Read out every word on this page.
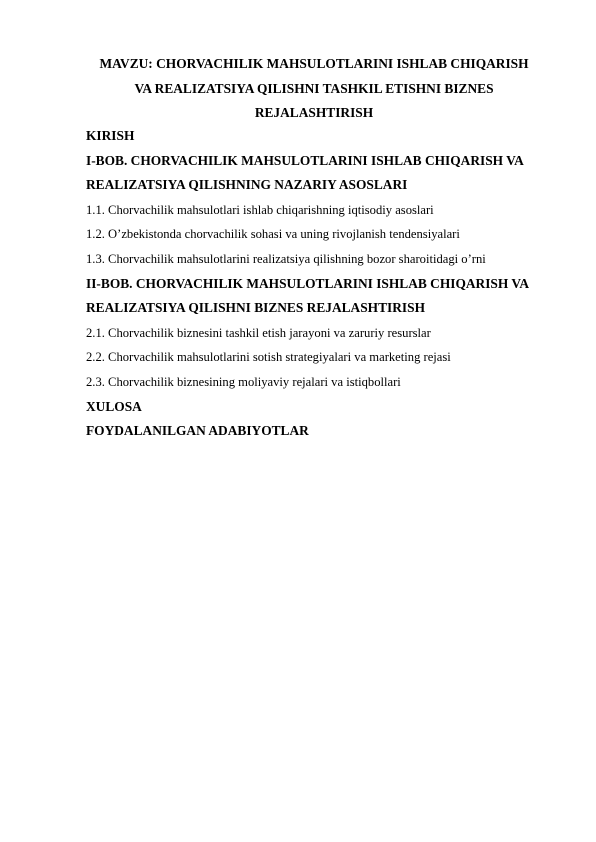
MAVZU: CHORVACHILIK MAHSULOTLARINI ISHLAB CHIQARISH
VA REALIZATSIYA QILISHNI TASHKIL ETISHNI BIZNES
REJALASHTIRISH
KIRISH
I-BOB. CHORVACHILIK MAHSULOTLARINI ISHLAB CHIQARISH VA
REALIZATSIYA QILISHNING NAZARIY ASOSLARI
1.1. Chorvachilik mahsulotlari ishlab chiqarishning iqtisodiy asoslari
1.2. O’zbekistonda chorvachilik sohasi va uning rivojlanish tendensiyalari
1.3. Chorvachilik mahsulotlarini realizatsiya qilishning bozor sharoitidagi o’rni
II-BOB. CHORVACHILIK MAHSULOTLARINI ISHLAB CHIQARISH VA
REALIZATSIYA QILISHNI BIZNES REJALASHTIRISH
2.1. Chorvachilik biznesini tashkil etish jarayoni va zaruriy resurslar
2.2. Chorvachilik mahsulotlarini sotish strategiyalari va marketing rejasi
2.3. Chorvachilik biznesining moliyaviy rejalari va istiqbollari
XULOSA
FOYDALANILGAN ADABIYOTLAR
